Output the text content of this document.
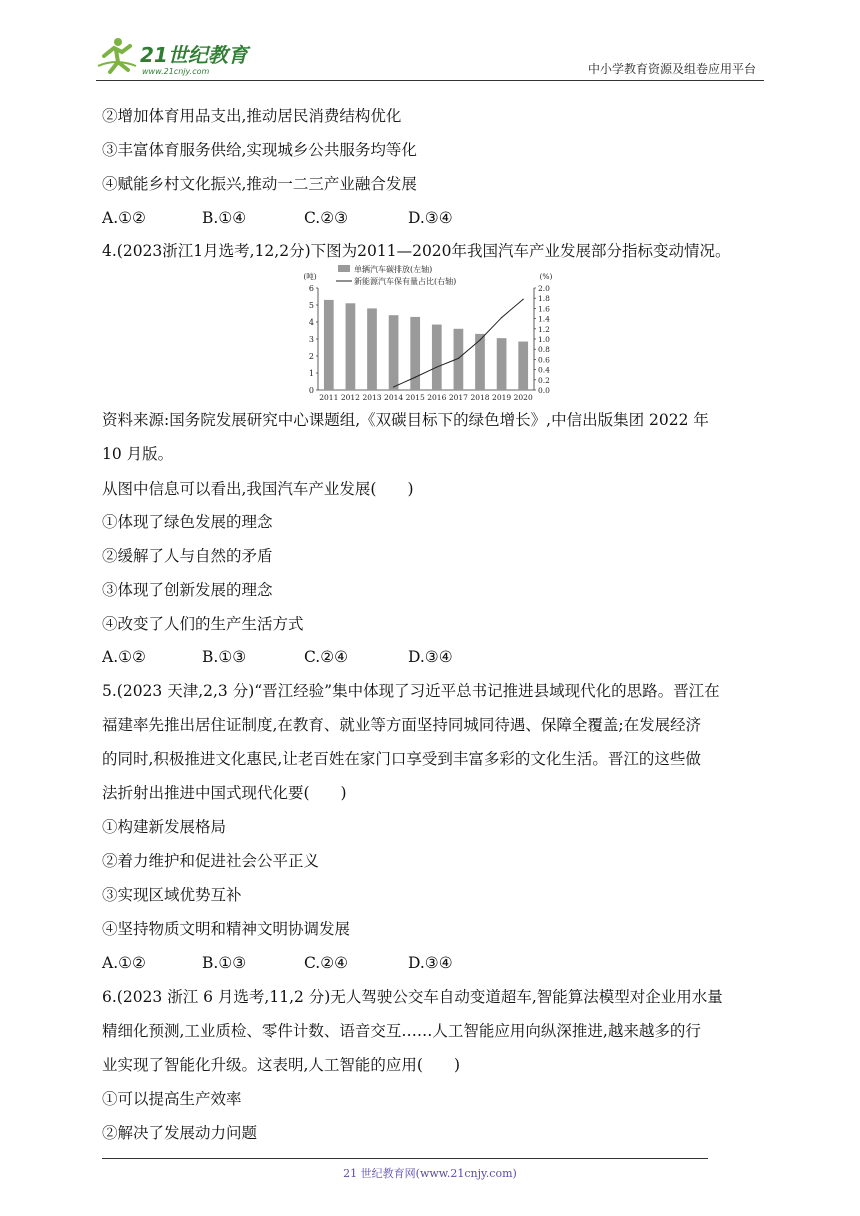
21世纪教育
www.21cnjy.com	中小学教育资源及组卷应用平台
②增加体育用品支出,推动居民消费结构优化
③丰富体育服务供给,实现城乡公共服务均等化
④赋能乡村文化振兴,推动一二三产业融合发展
A.①②	B.①④	C.②③	D.③④
4.(2023浙江1月选考,12,2分)下图为2011—2020年我国汽车产业发展部分指标变动情况。
0
1
2
3
4
5
6
(吨)
0.0
0.2
0.4
0.6
0.8
1.0
1.2
1.4
1.6
1.8
2.0
(%)
2011 2012 2013 2014 2015 2016 2017 2018 2019 2020
单辆汽车碳排放(左轴)
新能源汽车保有量占比(右轴)
资料来源:国务院发展研究中心课题组,《双碳目标下的绿色增长》,中信出版集团 2022 年
10 月版。
从图中信息可以看出,我国汽车产业发展(　　)
①体现了绿色发展的理念
②缓解了人与自然的矛盾
③体现了创新发展的理念
④改变了人们的生产生活方式
A.①②	B.①③	C.②④	D.③④
5.(2023 天津,2,3 分)“晋江经验”集中体现了习近平总书记推进县域现代化的思路。晋江在
福建率先推出居住证制度,在教育、就业等方面坚持同城同待遇、保障全覆盖;在发展经济
的同时,积极推进文化惠民,让老百姓在家门口享受到丰富多彩的文化生活。晋江的这些做
法折射出推进中国式现代化要(　　)
①构建新发展格局
②着力维护和促进社会公平正义
③实现区域优势互补
④坚持物质文明和精神文明协调发展
A.①②	B.①③	C.②④	D.③④
6.(2023 浙江 6 月选考,11,2 分)无人驾驶公交车自动变道超车,智能算法模型对企业用水量
精细化预测,工业质检、零件计数、语音交互……人工智能应用向纵深推进,越来越多的行
业实现了智能化升级。这表明,人工智能的应用(　　)
①可以提高生产效率
②解决了发展动力问题
21 世纪教育网(www.21cnjy.com)
